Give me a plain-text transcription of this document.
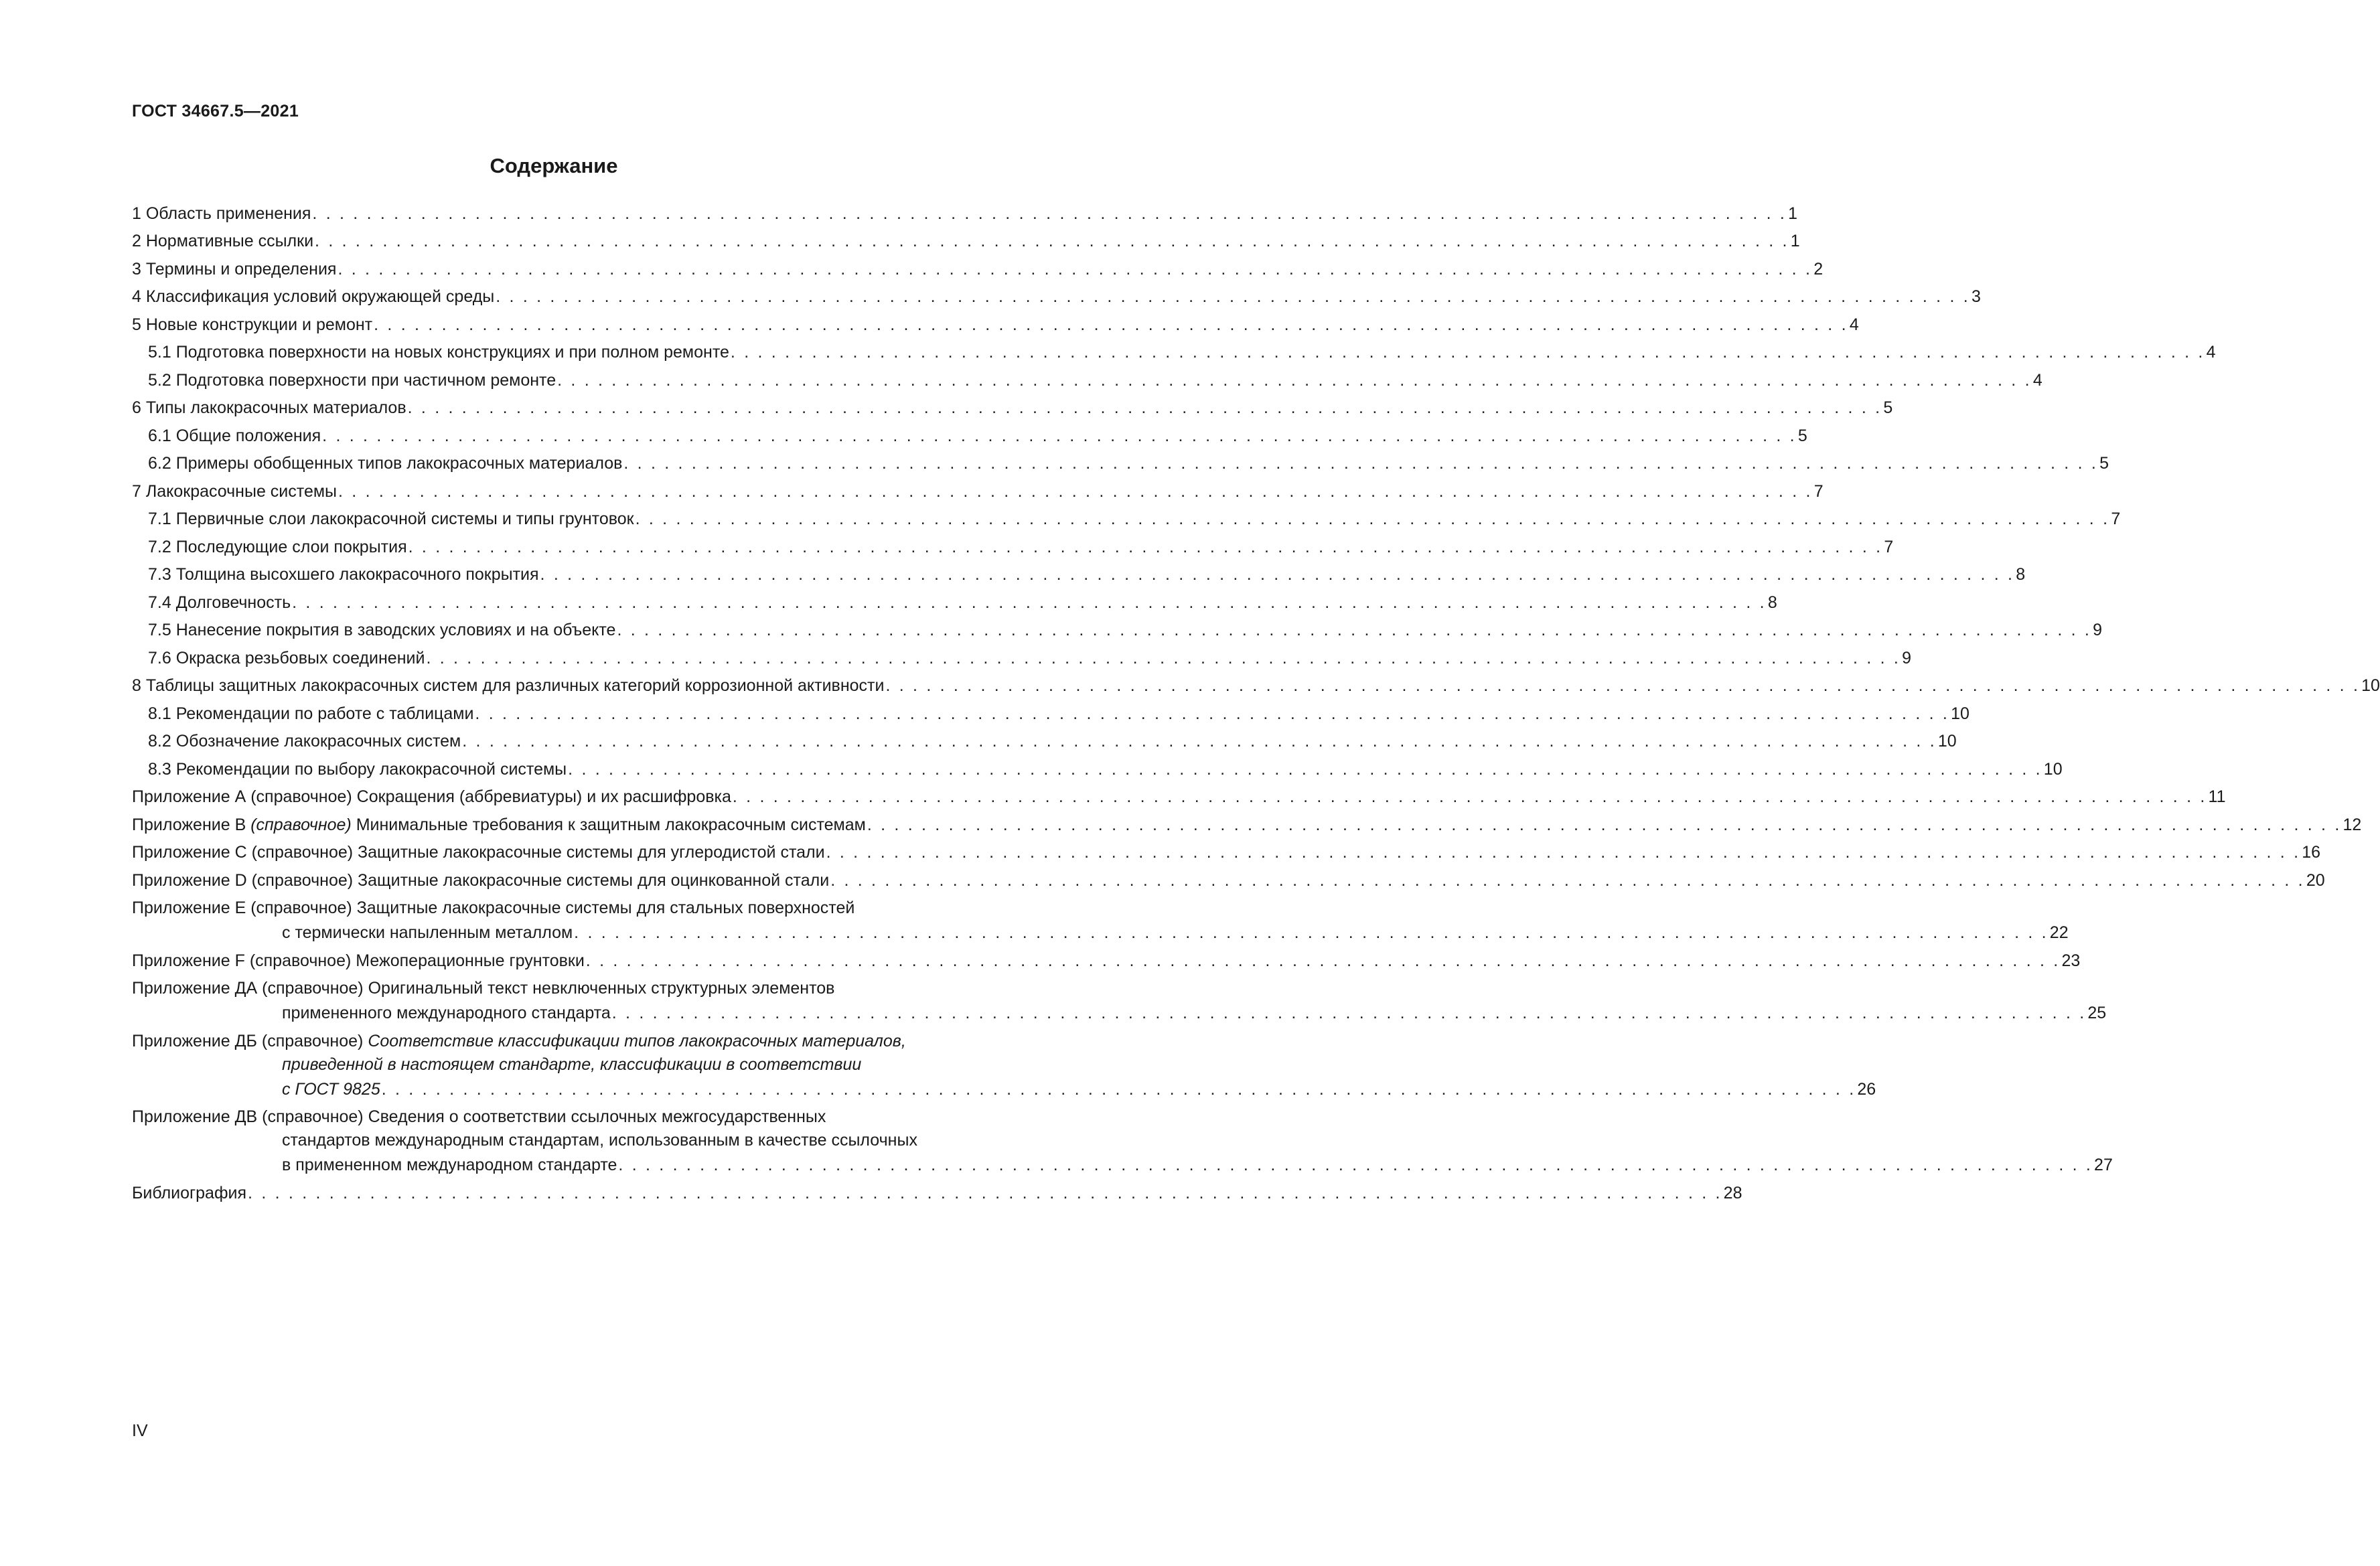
ГОСТ 34667.5—2021
Содержание
1 Область применения . . . . . . . . . . . . . . . . . . . . . . . . . . . . . . . . . . . . . . . . . . . . . . . . . . . . . . . . . . . . . . . . . . . . . . . . . . . . . . . . . . . . . . . . . . . . . . . . . . . . . . . . . . . . . 1
2 Нормативные ссылки . . . . . . . . . . . . . . . . . . . . . . . . . . . . . . . . . . . . . . . . . . . . . . . . . . . . . . . . . . . . . . . . . . . . . . . . . . . . . . . . . . . . . . . . . . . . . . . . . . . . . . . . . . . . . 1
3 Термины и определения . . . . . . . . . . . . . . . . . . . . . . . . . . . . . . . . . . . . . . . . . . . . . . . . . . . . . . . . . . . . . . . . . . . . . . . . . . . . . . . . . . . . . . . . . . . . . . . . . . . . . . . . . . . . . 2
4 Классификация условий окружающей среды . . . . . . . . . . . . . . . . . . . . . . . . . . . . . . . . . . . . . . . . . . . . . . . . . . . . . . . . . . . . . . . . . . . . . . . . . . . . . . . . . . . . . . . . . . . . . . . . . . . . . . . . . . . . . 3
5 Новые конструкции и ремонт . . . . . . . . . . . . . . . . . . . . . . . . . . . . . . . . . . . . . . . . . . . . . . . . . . . . . . . . . . . . . . . . . . . . . . . . . . . . . . . . . . . . . . . . . . . . . . . . . . . . . . . . . . . . . 4
5.1 Подготовка поверхности на новых конструкциях и при полном ремонте . . . . . . . . . . . . . . . . . . . . . . . . . . . . . . . . . . . . . . . . . . . . . . . . . . . . . . . . . . . . . . . . . . . . . . . . . . . . . . . . . . . . . . . . . . . . . . . . . . . . . . . . . . . . . 4
5.2 Подготовка поверхности при частичном ремонте . . . . . . . . . . . . . . . . . . . . . . . . . . . . . . . . . . . . . . . . . . . . . . . . . . . . . . . . . . . . . . . . . . . . . . . . . . . . . . . . . . . . . . . . . . . . . . . . . . . . . . . . . . . . . 4
6 Типы лакокрасочных материалов . . . . . . . . . . . . . . . . . . . . . . . . . . . . . . . . . . . . . . . . . . . . . . . . . . . . . . . . . . . . . . . . . . . . . . . . . . . . . . . . . . . . . . . . . . . . . . . . . . . . . . . . . . . . . 5
6.1 Общие положения . . . . . . . . . . . . . . . . . . . . . . . . . . . . . . . . . . . . . . . . . . . . . . . . . . . . . . . . . . . . . . . . . . . . . . . . . . . . . . . . . . . . . . . . . . . . . . . . . . . . . . . . . . . . . 5
6.2 Примеры обобщенных типов лакокрасочных материалов . . . . . . . . . . . . . . . . . . . . . . . . . . . . . . . . . . . . . . . . . . . . . . . . . . . . . . . . . . . . . . . . . . . . . . . . . . . . . . . . . . . . . . . . . . . . . . . . . . . . . . . . . . . . . 5
7 Лакокрасочные системы . . . . . . . . . . . . . . . . . . . . . . . . . . . . . . . . . . . . . . . . . . . . . . . . . . . . . . . . . . . . . . . . . . . . . . . . . . . . . . . . . . . . . . . . . . . . . . . . . . . . . . . . . . . . . 7
7.1 Первичные слои лакокрасочной системы и типы грунтовок . . . . . . . . . . . . . . . . . . . . . . . . . . . . . . . . . . . . . . . . . . . . . . . . . . . . . . . . . . . . . . . . . . . . . . . . . . . . . . . . . . . . . . . . . . . . . . . . . . . . . . . . . . . . . 7
7.2 Последующие слои покрытия . . . . . . . . . . . . . . . . . . . . . . . . . . . . . . . . . . . . . . . . . . . . . . . . . . . . . . . . . . . . . . . . . . . . . . . . . . . . . . . . . . . . . . . . . . . . . . . . . . . . . . . . . . . . . 7
7.3 Толщина высохшего лакокрасочного покрытия . . . . . . . . . . . . . . . . . . . . . . . . . . . . . . . . . . . . . . . . . . . . . . . . . . . . . . . . . . . . . . . . . . . . . . . . . . . . . . . . . . . . . . . . . . . . . . . . . . . . . . . . . . . . . 8
7.4 Долговечность . . . . . . . . . . . . . . . . . . . . . . . . . . . . . . . . . . . . . . . . . . . . . . . . . . . . . . . . . . . . . . . . . . . . . . . . . . . . . . . . . . . . . . . . . . . . . . . . . . . . . . . . . . . . . 8
7.5 Нанесение покрытия в заводских условиях и на объекте . . . . . . . . . . . . . . . . . . . . . . . . . . . . . . . . . . . . . . . . . . . . . . . . . . . . . . . . . . . . . . . . . . . . . . . . . . . . . . . . . . . . . . . . . . . . . . . . . . . . . . . . . . . . . 9
7.6 Окраска резьбовых соединений . . . . . . . . . . . . . . . . . . . . . . . . . . . . . . . . . . . . . . . . . . . . . . . . . . . . . . . . . . . . . . . . . . . . . . . . . . . . . . . . . . . . . . . . . . . . . . . . . . . . . . . . . . . . . 9
8 Таблицы защитных лакокрасочных систем для различных категорий коррозионной активности . . . . . . . . . . . . . . . . . . . . . . . . . . . . . . . . . . . . . . . . . . . . . . . . . . . . . . . . . . . . . . . . . . . . . . . . . . . . . . . . . . . . . . . . . . . . . . . . . . . . . . . . . . . . . 10
8.1 Рекомендации по работе с таблицами . . . . . . . . . . . . . . . . . . . . . . . . . . . . . . . . . . . . . . . . . . . . . . . . . . . . . . . . . . . . . . . . . . . . . . . . . . . . . . . . . . . . . . . . . . . . . . . . . . . . . . . . . . . . . 10
8.2 Обозначение лакокрасочных систем . . . . . . . . . . . . . . . . . . . . . . . . . . . . . . . . . . . . . . . . . . . . . . . . . . . . . . . . . . . . . . . . . . . . . . . . . . . . . . . . . . . . . . . . . . . . . . . . . . . . . . . . . . . . . 10
8.3 Рекомендации по выбору лакокрасочной системы . . . . . . . . . . . . . . . . . . . . . . . . . . . . . . . . . . . . . . . . . . . . . . . . . . . . . . . . . . . . . . . . . . . . . . . . . . . . . . . . . . . . . . . . . . . . . . . . . . . . . . . . . . . . . 10
Приложение А
(справочное)
Сокращения (аббревиатуры) и их расшифровка . . . . . . . . . . . . . . . . . . . . . . . . . . . . . . . . . . . . . . . . . . . . . . . . . . . . . . . . . . . . . . . . . . . . . . . . . . . . . . . . . . . . . . . . . . . . . . . . . . . . . . . . . . . . . 11
Приложение В
(справочное)
Минимальные требования к защитным лакокрасочным системам . . . . . . . . . . . . . . . . . . . . . . . . . . . . . . . . . . . . . . . . . . . . . . . . . . . . . . . . . . . . . . . . . . . . . . . . . . . . . . . . . . . . . . . . . . . . . . . . . . . . . . . . . . . . . 12
Приложение С
(справочное)
Защитные лакокрасочные системы для углеродистой стали . . . . . . . . . . . . . . . . . . . . . . . . . . . . . . . . . . . . . . . . . . . . . . . . . . . . . . . . . . . . . . . . . . . . . . . . . . . . . . . . . . . . . . . . . . . . . . . . . . . . . . . . . . . . . 16
Приложение D
(справочное)
Защитные лакокрасочные системы для оцинкованной стали . . . . . . . . . . . . . . . . . . . . . . . . . . . . . . . . . . . . . . . . . . . . . . . . . . . . . . . . . . . . . . . . . . . . . . . . . . . . . . . . . . . . . . . . . . . . . . . . . . . . . . . . . . . . . 20
Приложение Е
(справочное)
Защитные лакокрасочные системы для стальных поверхностей
с термически напыленным металлом . . . . . . . . . . . . . . . . . . . . . . . . . . . . . . . . . . . . . . . . . . . . . . . . . . . . . . . . . . . . . . . . . . . . . . . . . . . . . . . . . . . . . . . . . . . . . . . . . . . . . . . . . . . . . 22
Приложение F
(справочное)
Межоперационные грунтовки . . . . . . . . . . . . . . . . . . . . . . . . . . . . . . . . . . . . . . . . . . . . . . . . . . . . . . . . . . . . . . . . . . . . . . . . . . . . . . . . . . . . . . . . . . . . . . . . . . . . . . . . . . . . . 23
Приложение ДА
(справочное)
Оригинальный текст невключенных структурных элементов
примененного международного стандарта . . . . . . . . . . . . . . . . . . . . . . . . . . . . . . . . . . . . . . . . . . . . . . . . . . . . . . . . . . . . . . . . . . . . . . . . . . . . . . . . . . . . . . . . . . . . . . . . . . . . . . . . . . . . . 25
Приложение ДБ
(справочное)
Соответствие классификации типов лакокрасочных материалов,
приведенной в настоящем стандарте, классификации в соответствии
с ГОСТ 9825 . . . . . . . . . . . . . . . . . . . . . . . . . . . . . . . . . . . . . . . . . . . . . . . . . . . . . . . . . . . . . . . . . . . . . . . . . . . . . . . . . . . . . . . . . . . . . . . . . . . . . . . . . . . . . 26
Приложение ДВ
(справочное)
Сведения о соответствии ссылочных межгосударственных
стандартов международным стандартам, использованным в качестве ссылочных
в примененном международном стандарте . . . . . . . . . . . . . . . . . . . . . . . . . . . . . . . . . . . . . . . . . . . . . . . . . . . . . . . . . . . . . . . . . . . . . . . . . . . . . . . . . . . . . . . . . . . . . . . . . . . . . . . . . . . . . 27
Библиография . . . . . . . . . . . . . . . . . . . . . . . . . . . . . . . . . . . . . . . . . . . . . . . . . . . . . . . . . . . . . . . . . . . . . . . . . . . . . . . . . . . . . . . . . . . . . . . . . . . . . . . . . . . . . 28
IV
